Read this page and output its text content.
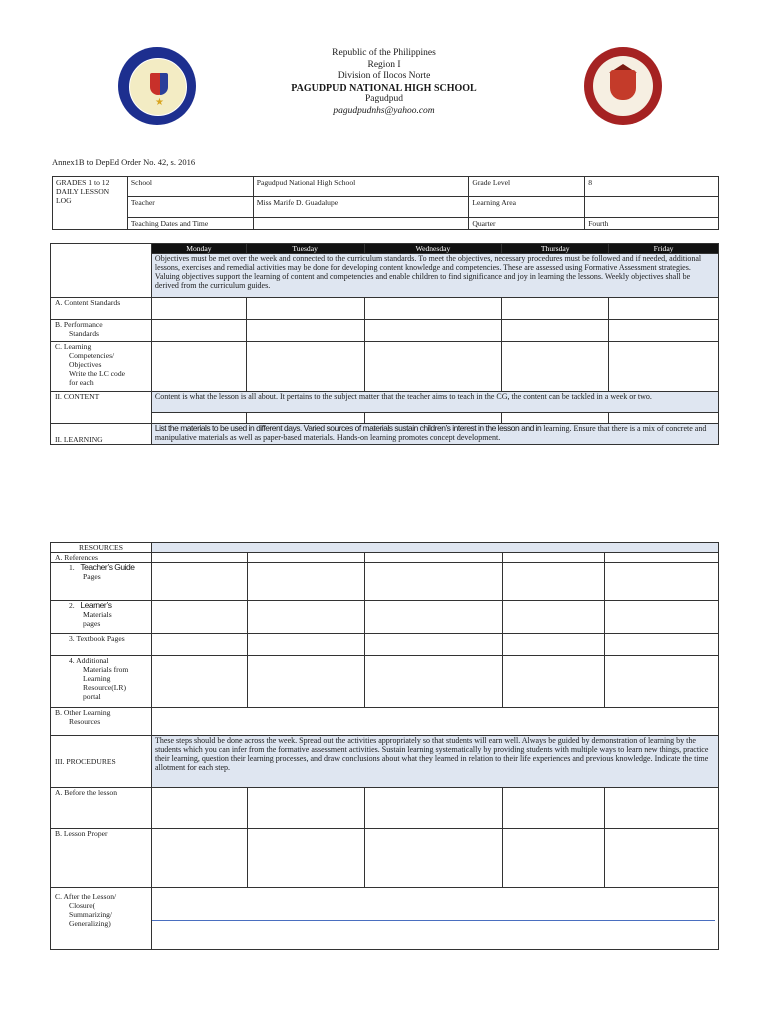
★
Republic of the Philippines
Region I
Division of Ilocos Norte
PAGUDPUD NATIONAL HIGH SCHOOL
Pagudpud
pagudpudnhs@yahoo.com
Annex1B to DepEd Order No. 42, s. 2016
GRADES 1 to 12
DAILY LESSON
LOG	School	Pagudpud National High School	Grade Level	8
	Teacher	Miss Marife D. Guadalupe	Learning Area	
	Teaching Dates and Time		Quarter	Fourth
	Monday	Tuesday	Wednesday	Thursday	Friday
	Objectives must be met over the week and connected to the curriculum standards. To meet the objectives, necessary procedures must be followed and if needed, additional lessons, exercises and remedial activities may be done for developing content knowledge and competencies. These are assessed using Formative Assessment strategies. Valuing objectives support the learning of content and competencies and enable children to find significance and joy in learning the lessons. Weekly objectives shall be derived from the curriculum guides.				

A. Content Standards					

B. Performance
Standards					

C. Learning
Competencies/
Objectives
Write the LC code
for each					

II. CONTENT	Content is what the lesson is all about. It pertains to the subject matter that the teacher aims to teach in the CG, the content can be tackled in a week or two.				

II. LEARNING	List the materials to be used in different days. Varied sources of materials sustain children’s interest in the lesson and in learning. Ensure that there is a mix of concrete and manipulative materials as well as paper-based materials. Hands-on learning promotes concept development.				
RESOURCES					
A. References					

1. Teacher’s Guide
Pages					

2. Learner’s
Materials
pages					

3. Textbook Pages					

4. Additional
Materials from
Learning
Resource(LR)
portal					

B. Other Learning
Resources					

III. PROCEDURES	These steps should be done across the week. Spread out the activities appropriately so that students will earn well. Always be guided by demonstration of learning by the students which you can infer from the formative assessment activities. Sustain learning systematically by providing students with multiple ways to learn new things, practice their learning, question their learning processes, and draw conclusions about what they learned in relation to their life experiences and previous knowledge. Indicate the time allotment for each step.				
A. Before the lesson					
B. Lesson Proper					

C. After the Lesson/
Closure(
Summarizing/
Generalizing)					
